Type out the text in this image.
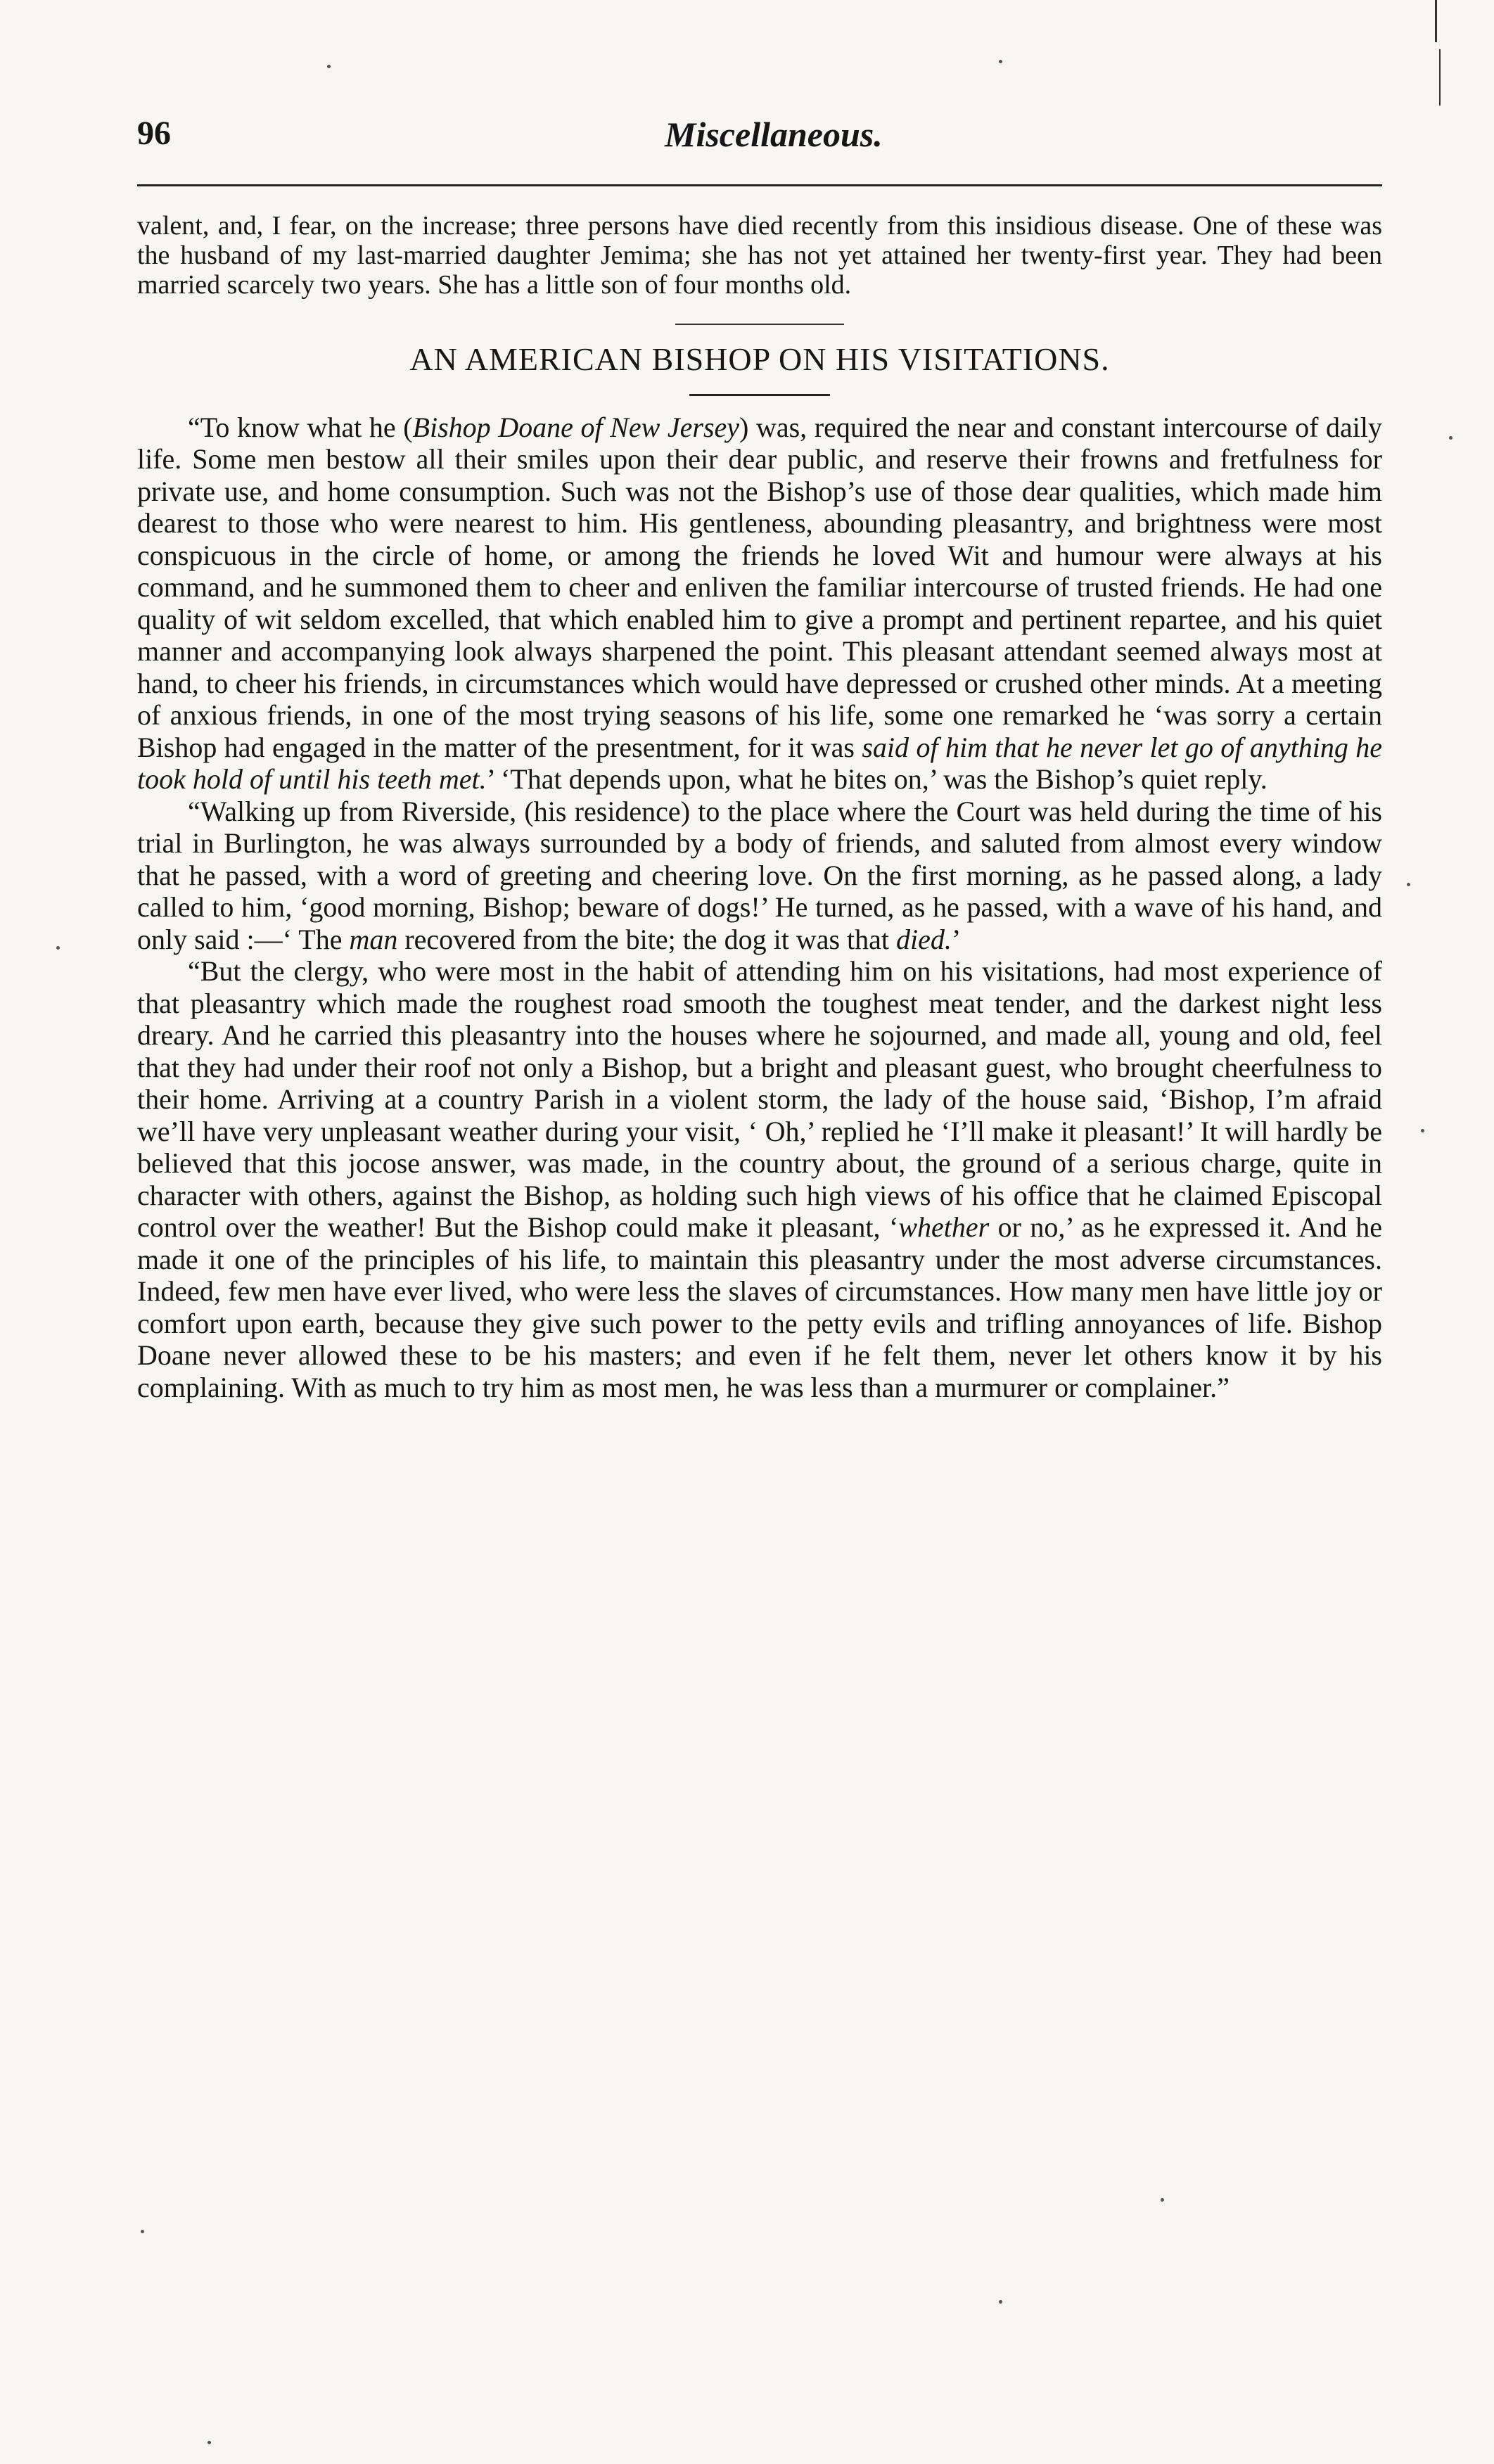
96	Miscellaneous.

valent, and, I fear, on the increase; three persons have died recently from this insidious disease. One of these was the husband of my last-married daughter Jemima; she has not yet attained her twenty-first year. They had been married scarcely two years. She has a little son of four months old.

AN AMERICAN BISHOP ON HIS VISITATIONS.

“To know what he (Bishop Doane of New Jersey) was, required the near and constant intercourse of daily life. Some men bestow all their smiles upon their dear public, and reserve their frowns and fretfulness for private use, and home consumption. Such was not the Bishop’s use of those dear qualities, which made him dearest to those who were nearest to him. His gentleness, abounding pleasantry, and brightness were most conspicuous in the circle of home, or among the friends he loved Wit and humour were always at his command, and he summoned them to cheer and enliven the familiar intercourse of trusted friends. He had one quality of wit seldom excelled, that which enabled him to give a prompt and pertinent repartee, and his quiet manner and accompanying look always sharpened the point. This pleasant attendant seemed always most at hand, to cheer his friends, in circumstances which would have depressed or crushed other minds. At a meeting of anxious friends, in one of the most trying seasons of his life, some one remarked he ‘was sorry a certain Bishop had engaged in the matter of the presentment, for it was said of him that he never let go of anything he took hold of until his teeth met.’ ‘That depends upon, what he bites on,’ was the Bishop’s quiet reply.

“Walking up from Riverside, (his residence) to the place where the Court was held during the time of his trial in Burlington, he was always surrounded by a body of friends, and saluted from almost every window that he passed, with a word of greeting and cheering love. On the first morning, as he passed along, a lady called to him, ‘good morning, Bishop; beware of dogs!’ He turned, as he passed, with a wave of his hand, and only said :—‘ The man recovered from the bite; the dog it was that died.’

“But the clergy, who were most in the habit of attending him on his visitations, had most experience of that pleasantry which made the roughest road smooth the toughest meat tender, and the darkest night less dreary. And he carried this pleasantry into the houses where he sojourned, and made all, young and old, feel that they had under their roof not only a Bishop, but a bright and pleasant guest, who brought cheerfulness to their home. Arriving at a country Parish in a violent storm, the lady of the house said, ‘Bishop, I’m afraid we’ll have very unpleasant weather during your visit, ‘ Oh,’ replied he ‘I’ll make it pleasant!’ It will hardly be believed that this jocose answer, was made, in the country about, the ground of a serious charge, quite in character with others, against the Bishop, as holding such high views of his office that he claimed Episcopal control over the weather! But the Bishop could make it pleasant, ‘whether or no,’ as he expressed it. And he made it one of the principles of his life, to maintain this pleasantry under the most adverse circumstances. Indeed, few men have ever lived, who were less the slaves of circumstances. How many men have little joy or comfort upon earth, because they give such power to the petty evils and trifling annoyances of life. Bishop Doane never allowed these to be his masters; and even if he felt them, never let others know it by his complaining. With as much to try him as most men, he was less than a murmurer or complainer.”
